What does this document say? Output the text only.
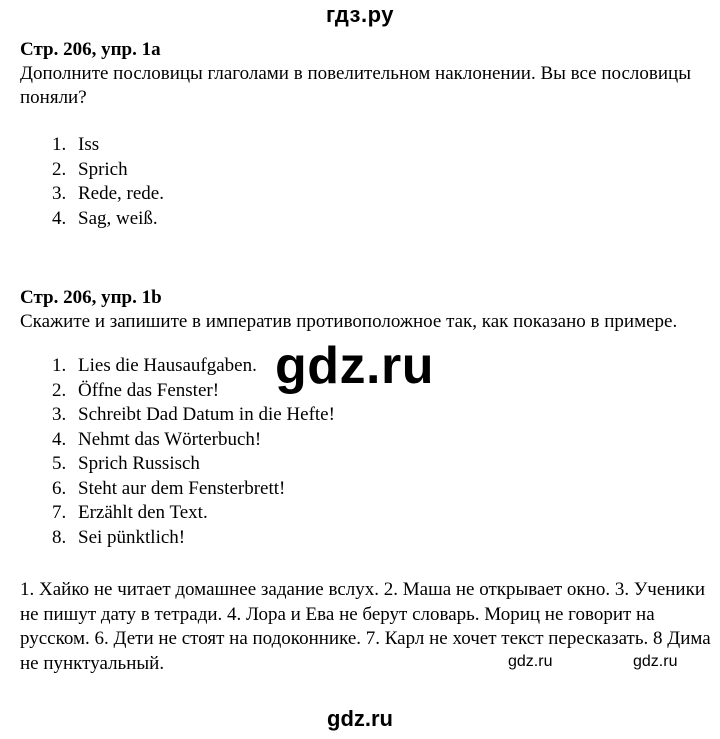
гдз.ру
Стр. 206, упр. 1a
Дополните пословицы глаголами в повелительном наклонении. Вы все пословицы поняли?
1. Iss
2. Sprich
3. Rede, rede.
4. Sag, weiß.
Стр. 206, упр. 1b
Скажите и запишите в императив противоположное так, как показано в примере.
1. Lies die Hausaufgaben.
2. Öffne das Fenster!
3. Schreibt Dad Datum in die Hefte!
4. Nehmt das Wörterbuch!
5. Sprich Russisch
6. Steht aur dem Fensterbrett!
7. Erzählt den Text.
8. Sei pünktlich!
gdz.ru
1. Хайко не читает домашнее задание вслух. 2. Маша не открывает окно. 3. Ученики не пишут дату в тетради. 4. Лора и Ева не берут словарь. Мориц не говорит на русском. 6. Дети не стоят на подоконнике. 7. Карл не хочет текст пересказать. 8 Дима не пунктуальный.	gdz.ru	gdz.ru
gdz.ru
